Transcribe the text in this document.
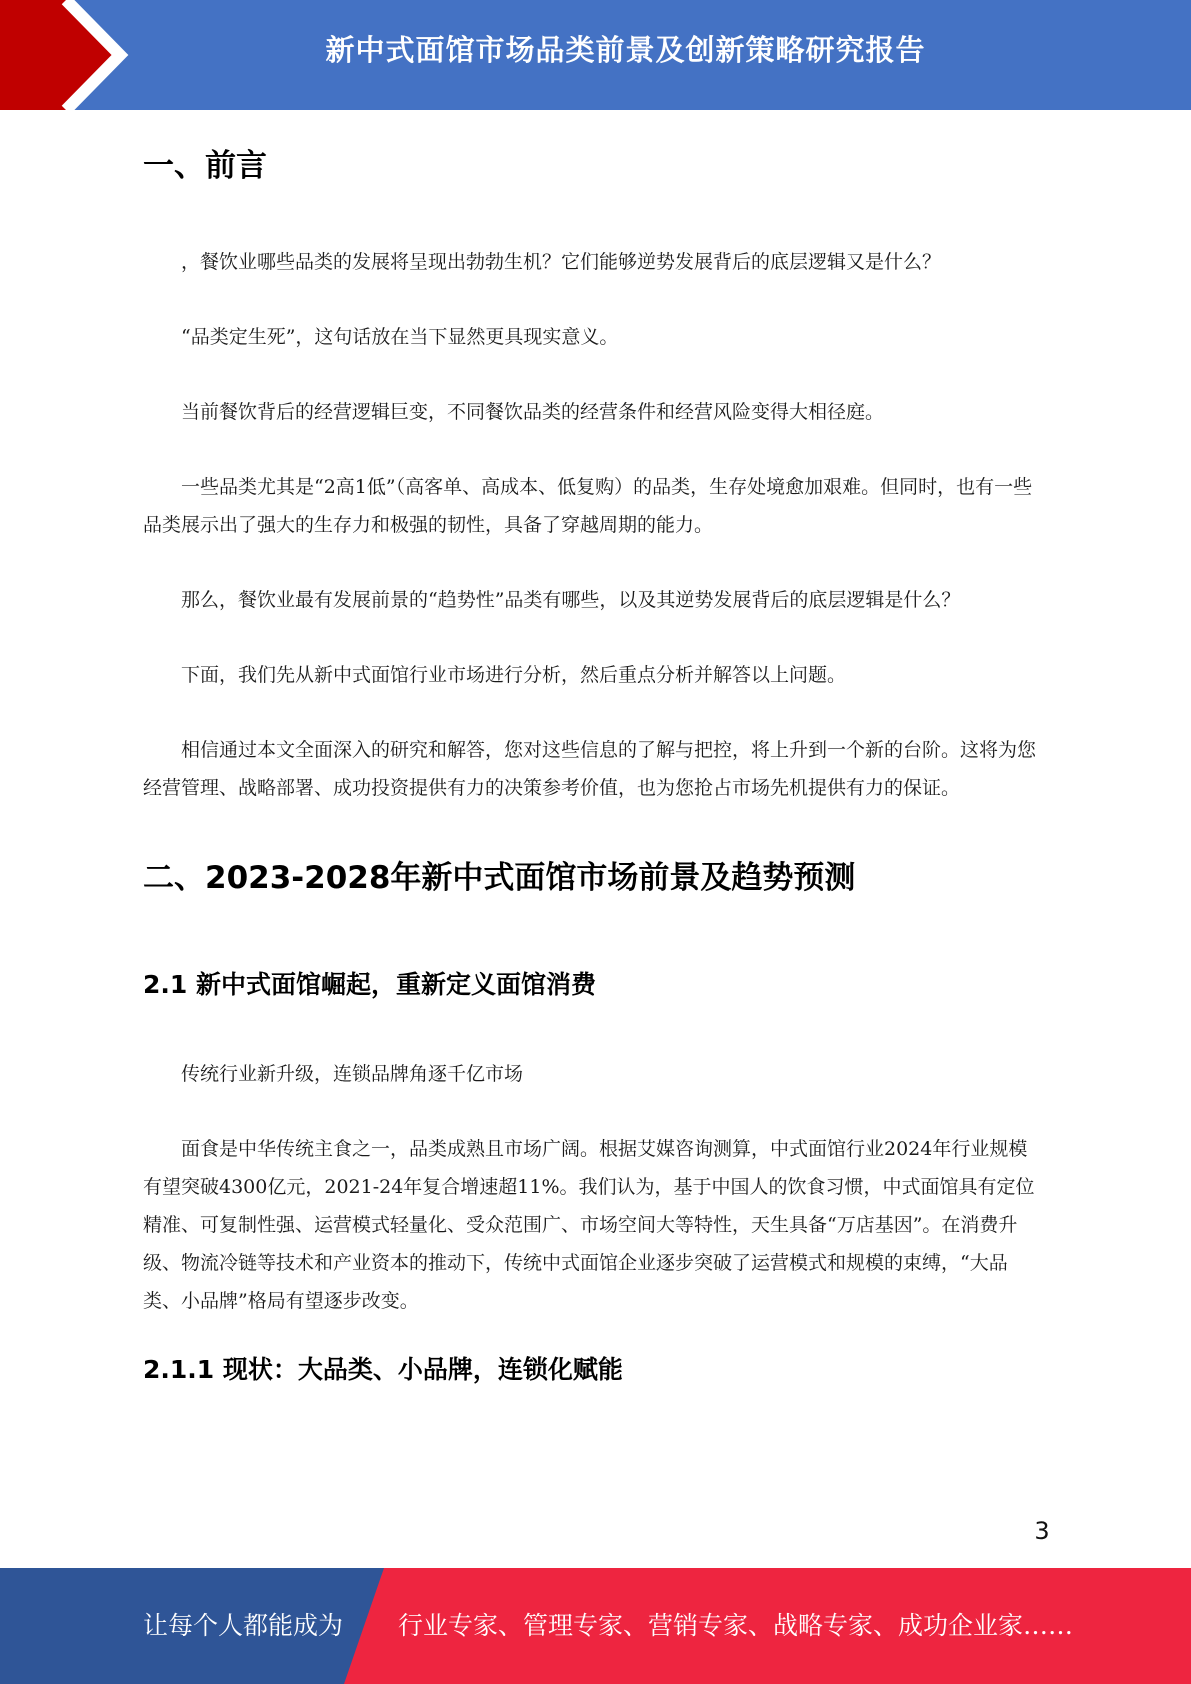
新中式面馆市场品类前景及创新策略研究报告
一、前言

，餐饮业哪些品类的发展将呈现出勃勃生机？它们能够逆势发展背后的底层逻辑又是什么？

“品类定生死”，这句话放在当下显然更具现实意义。

当前餐饮背后的经营逻辑巨变，不同餐饮品类的经营条件和经营风险变得大相径庭。

一些品类尤其是“2高1低”（高客单、高成本、低复购）的品类，生存处境愈加艰难。但同时，也有一些品类展示出了强大的生存力和极强的韧性，具备了穿越周期的能力。

那么，餐饮业最有发展前景的“趋势性”品类有哪些，以及其逆势发展背后的底层逻辑是什么？

下面，我们先从新中式面馆行业市场进行分析，然后重点分析并解答以上问题。

相信通过本文全面深入的研究和解答，您对这些信息的了解与把控，将上升到一个新的台阶。这将为您经营管理、战略部署、成功投资提供有力的决策参考价值，也为您抢占市场先机提供有力的保证。

二、2023-2028年新中式面馆市场前景及趋势预测
2.1 新中式面馆崛起，重新定义面馆消费

传统行业新升级，连锁品牌角逐千亿市场

面食是中华传统主食之一，品类成熟且市场广阔。根据艾媒咨询测算，中式面馆行业2024年行业规模有望突破4300亿元，2021-24年复合增速超11%。我们认为，基于中国人的饮食习惯，中式面馆具有定位精准、可复制性强、运营模式轻量化、受众范围广、市场空间大等特性，天生具备“万店基因”。在消费升级、物流冷链等技术和产业资本的推动下，传统中式面馆企业逐步突破了运营模式和规模的束缚，“大品类、小品牌”格局有望逐步改变。

2.1.1 现状：大品类、小品牌，连锁化赋能
3
让每个人都能成为 行业专家、管理专家、营销专家、战略专家、成功企业家……
